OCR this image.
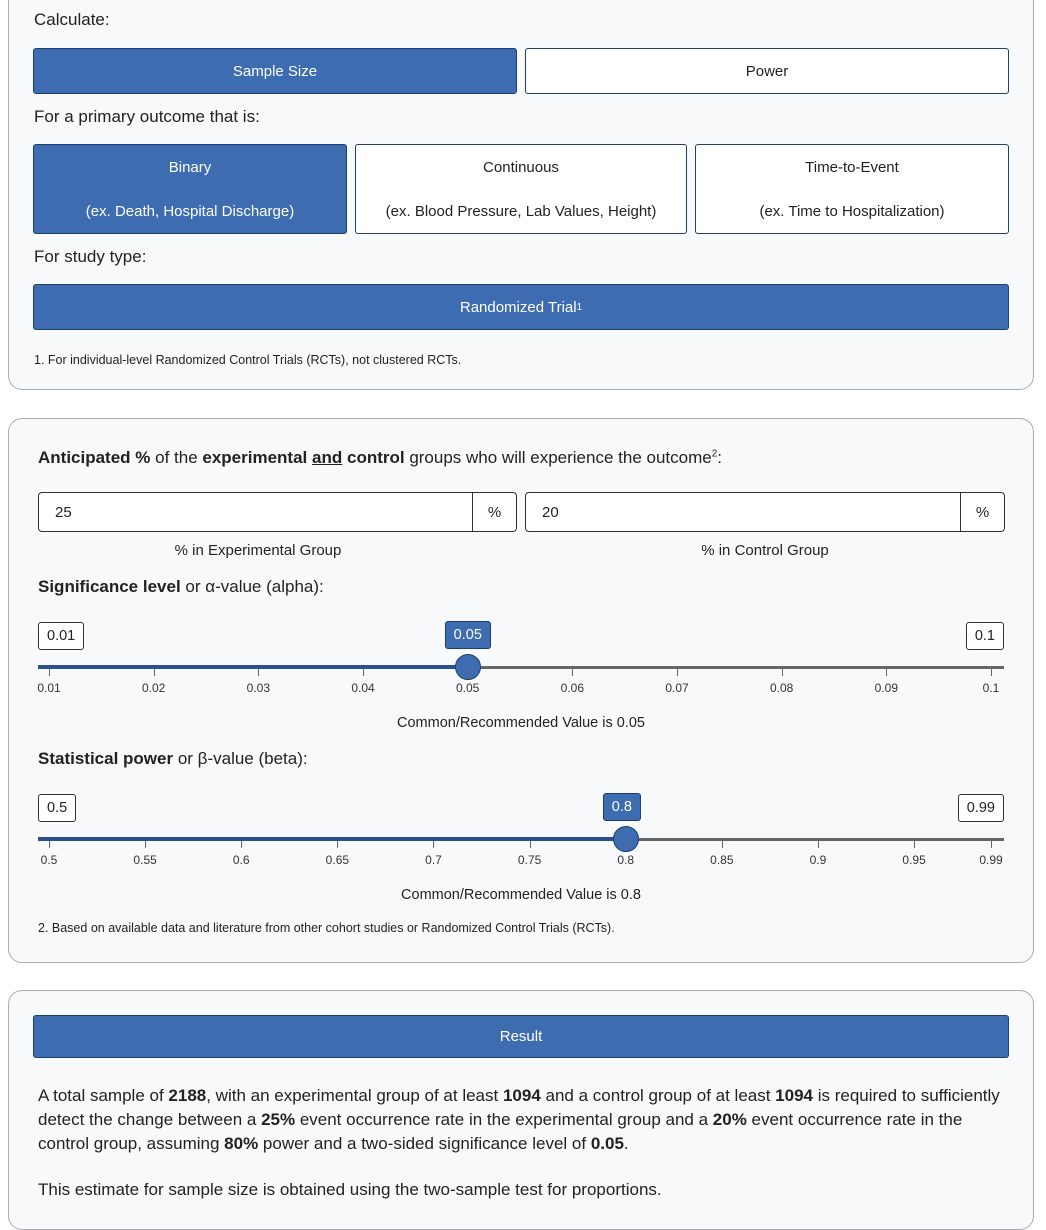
Calculate:
Sample Size	Power
For a primary outcome that is:
Binary
(ex. Death, Hospital Discharge)
Continuous
(ex. Blood Pressure, Lab Values, Height)
Time-to-Event
(ex. Time to Hospitalization)
For study type:
Randomized Trial 1
1. For individual-level Randomized Control Trials (RCTs), not clustered RCTs.
Anticipated % of the experimental and control groups who will experience the outcome$^2$:
25
%
20	%
% in Experimental Group	% in Control Group
Significance level or α-value (alpha):
0.01	0.1
0.05
0.01	0.02	0.03	0.04	0.05	0.06	0.07	0.08	0.09	0.1
Common/Recommended Value is 0.05
Statistical power or β-value (beta):
0.5	0.99
0.8
0.5	0.55	0.6	0.65	0.7	0.75	0.8	0.85	0.9	0.95	0.99
Common/Recommended Value is 0.8
2. Based on available data and literature from other cohort studies or Randomized Control Trials (RCTs).
Result
A total sample of 2188, with an experimental group of at least 1094 and a control group of at least 1094 is required to sufficiently detect the change between a 25% event occurrence rate in the experimental group and a 20% event occurrence rate in the control group, assuming 80% power and a two-sided significance level of 0.05.
This estimate for sample size is obtained using the two-sample test for proportions.
